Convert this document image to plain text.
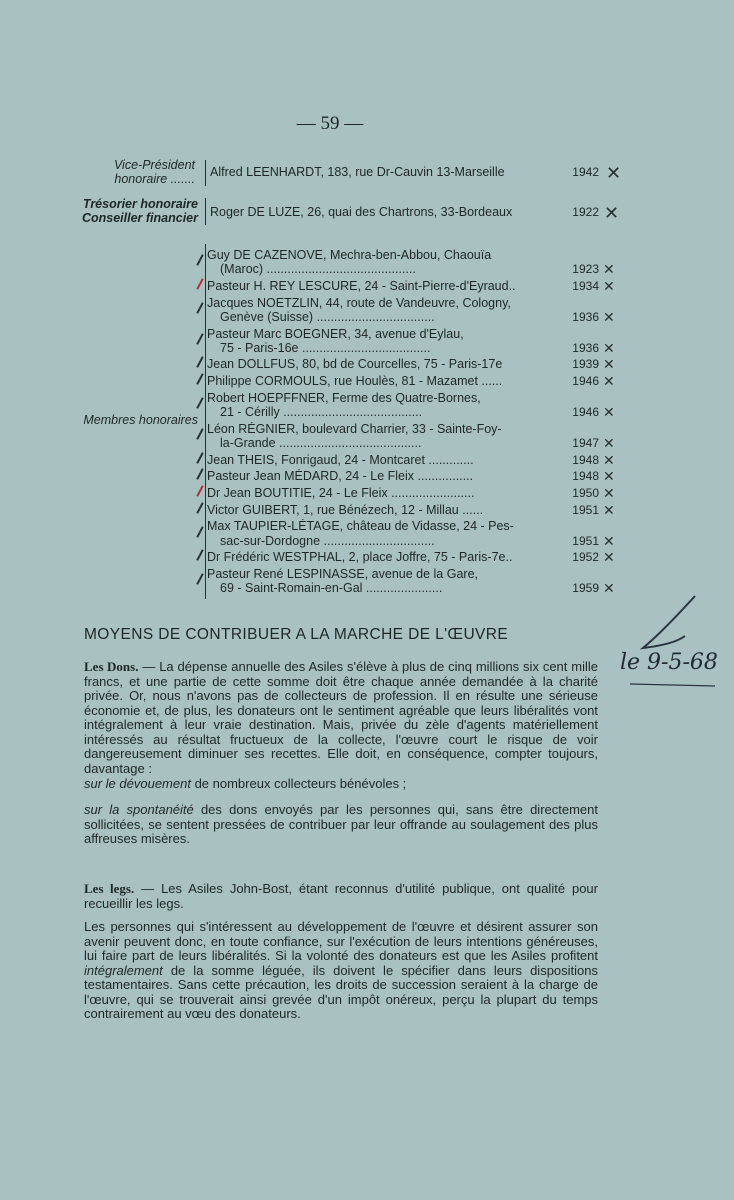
— 59 —
Vice-Président
honoraire ....... Alfred LEENHARDT, 183, rue Dr-Cauvin 13-Marseille	1942 ✕
Trésorier honoraire
Conseiller financier Roger DE LUZE, 26, quai des Chartrons, 33-Bordeaux	1922 ✕
Membres honoraires
Guy DE CAZENOVE, Mechra-ben-Abbou, Chaouïa
(Maroc) ...........................................	1923 ✕
Pasteur H. REY LESCURE, 24 - Saint-Pierre-d'Eyraud..	1934 ✕
Jacques NOETZLIN, 44, route de Vandeuvre, Cologny,
Genève (Suisse) ..................................	1936 ✕
Pasteur Marc BOEGNER, 34, avenue d'Eylau,
75 - Paris-16e .....................................	1936 ✕
Jean DOLLFUS, 80, bd de Courcelles, 75 - Paris-17e	1939 ✕
Philippe CORMOULS, rue Houlès, 81 - Mazamet ......	1946 ✕
Robert HOEPFFNER, Ferme des Quatre-Bornes,
21 - Cérilly ........................................	1946 ✕
Léon RÉGNIER, boulevard Charrier, 33 - Sainte-Foy-
la-Grande .........................................	1947 ✕
Jean THEIS, Fonrigaud, 24 - Montcaret .............	1948 ✕
Pasteur Jean MÉDARD, 24 - Le Fleix ................	1948 ✕
Dr Jean BOUTITIE, 24 - Le Fleix ........................	1950 ✕
Victor GUIBERT, 1, rue Bénézech, 12 - Millau ......	1951 ✕
Max TAUPIER-LÉTAGE, château de Vidasse, 24 - Pes-
sac-sur-Dordogne ................................	1951 ✕
Dr Frédéric WESTPHAL, 2, place Joffre, 75 - Paris-7e..	1952 ✕
Pasteur René LESPINASSE, avenue de la Gare,
69 - Saint-Romain-en-Gal ......................	1959 ✕
MOYENS DE CONTRIBUER A LA MARCHE DE L'ŒUVRE
le 9-5-68
Les Dons. — La dépense annuelle des Asiles s'élève à plus de cinq millions six cent mille francs, et une partie de cette somme doit être chaque année demandée à la charité privée. Or, nous n'avons pas de collecteurs de profession. Il en résulte une sérieuse économie et, de plus, les donateurs ont le sentiment agréable que leurs libéralités vont intégralement à leur vraie destination. Mais, privée du zèle d'agents matériellement intéressés au résultat fructueux de la collecte, l'œuvre court le risque de voir dangereusement diminuer ses recettes. Elle doit, en conséquence, compter toujours, davantage :
sur le dévouement de nombreux collecteurs bénévoles ;
sur la spontanéité des dons envoyés par les personnes qui, sans être directement sollicitées, se sentent pressées de contribuer par leur offrande au soulagement des plus affreuses misères.
Les legs. — Les Asiles John-Bost, étant reconnus d'utilité publique, ont qualité pour recueillir les legs.
Les personnes qui s'intéressent au développement de l'œuvre et désirent assurer son avenir peuvent donc, en toute confiance, sur l'exécution de leurs intentions généreuses, lui faire part de leurs libéralités. Si la volonté des donateurs est que les Asiles profitent intégralement de la somme léguée, ils doivent le spécifier dans leurs dispositions testamentaires. Sans cette précaution, les droits de succession seraient à la charge de l'œuvre, qui se trouverait ainsi grevée d'un impôt onéreux, perçu la plupart du temps contrairement au vœu des donateurs.
